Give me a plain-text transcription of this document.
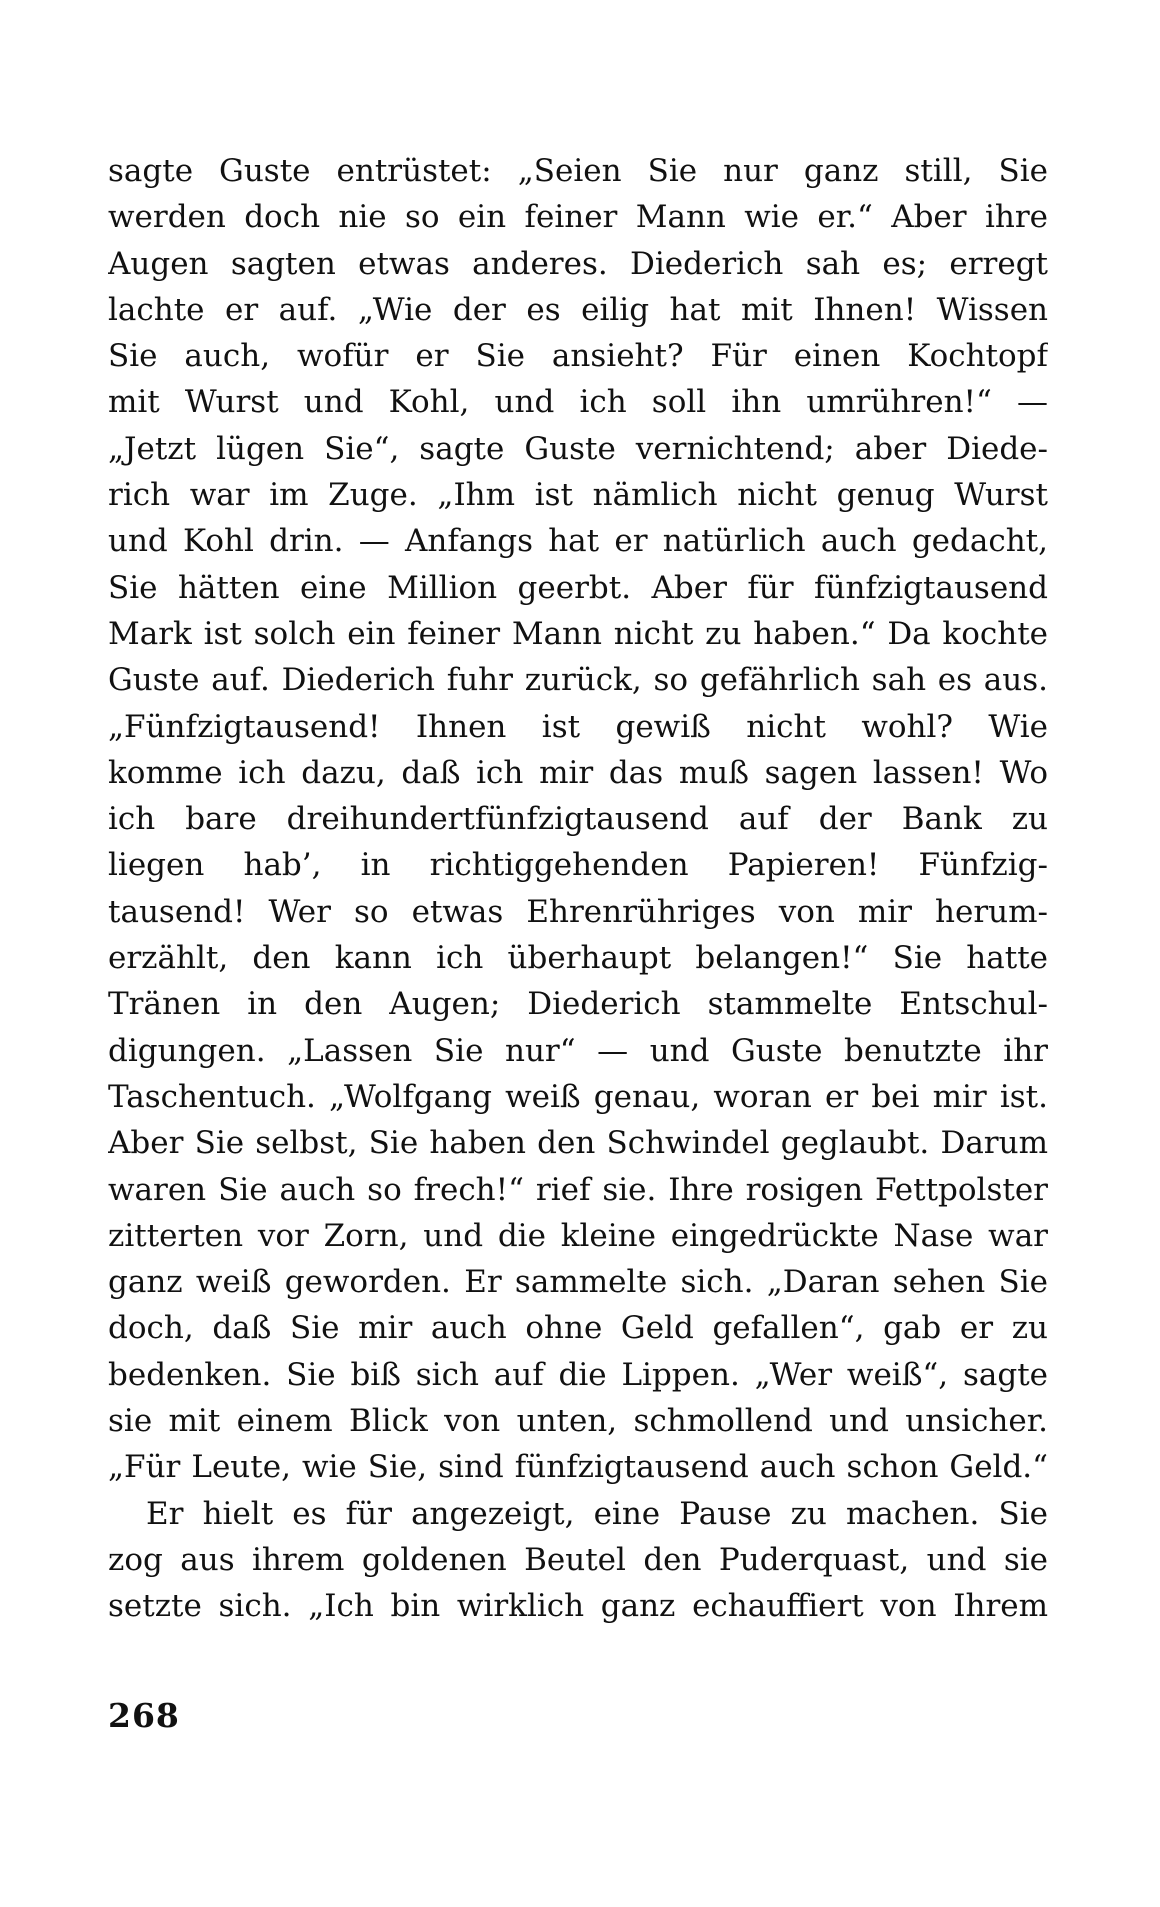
sagte Guste entrüstet: „Seien Sie nur ganz still, Sie
werden doch nie so ein feiner Mann wie er.“ Aber ihre
Augen sagten etwas anderes. Diederich sah es; erregt
lachte er auf. „Wie der es eilig hat mit Ihnen! Wissen
Sie auch, wofür er Sie ansieht? Für einen Kochtopf
mit Wurst und Kohl, und ich soll ihn umrühren!“ —
„Jetzt lügen Sie“, sagte Guste vernichtend; aber Diede-
rich war im Zuge. „Ihm ist nämlich nicht genug Wurst
und Kohl drin. — Anfangs hat er natürlich auch gedacht,
Sie hätten eine Million geerbt. Aber für fünfzigtausend
Mark ist solch ein feiner Mann nicht zu haben.“ Da kochte
Guste auf. Diederich fuhr zurück, so gefährlich sah es aus.
„Fünfzigtausend! Ihnen ist gewiß nicht wohl? Wie
komme ich dazu, daß ich mir das muß sagen lassen! Wo
ich bare dreihundertfünfzigtausend auf der Bank zu
liegen hab’, in richtiggehenden Papieren! Fünfzig-
tausend! Wer so etwas Ehrenrühriges von mir herum-
erzählt, den kann ich überhaupt belangen!“ Sie hatte
Tränen in den Augen; Diederich stammelte Entschul-
digungen. „Lassen Sie nur“ — und Guste benutzte ihr
Taschentuch. „Wolfgang weiß genau, woran er bei mir ist.
Aber Sie selbst, Sie haben den Schwindel geglaubt. Darum
waren Sie auch so frech!“ rief sie. Ihre rosigen Fettpolster
zitterten vor Zorn, und die kleine eingedrückte Nase war
ganz weiß geworden. Er sammelte sich. „Daran sehen Sie
doch, daß Sie mir auch ohne Geld gefallen“, gab er zu
bedenken. Sie biß sich auf die Lippen. „Wer weiß“, sagte
sie mit einem Blick von unten, schmollend und unsicher.
„Für Leute, wie Sie, sind fünfzigtausend auch schon Geld.“
Er hielt es für angezeigt, eine Pause zu machen. Sie
zog aus ihrem goldenen Beutel den Puderquast, und sie
setzte sich. „Ich bin wirklich ganz echauffiert von Ihrem
268
